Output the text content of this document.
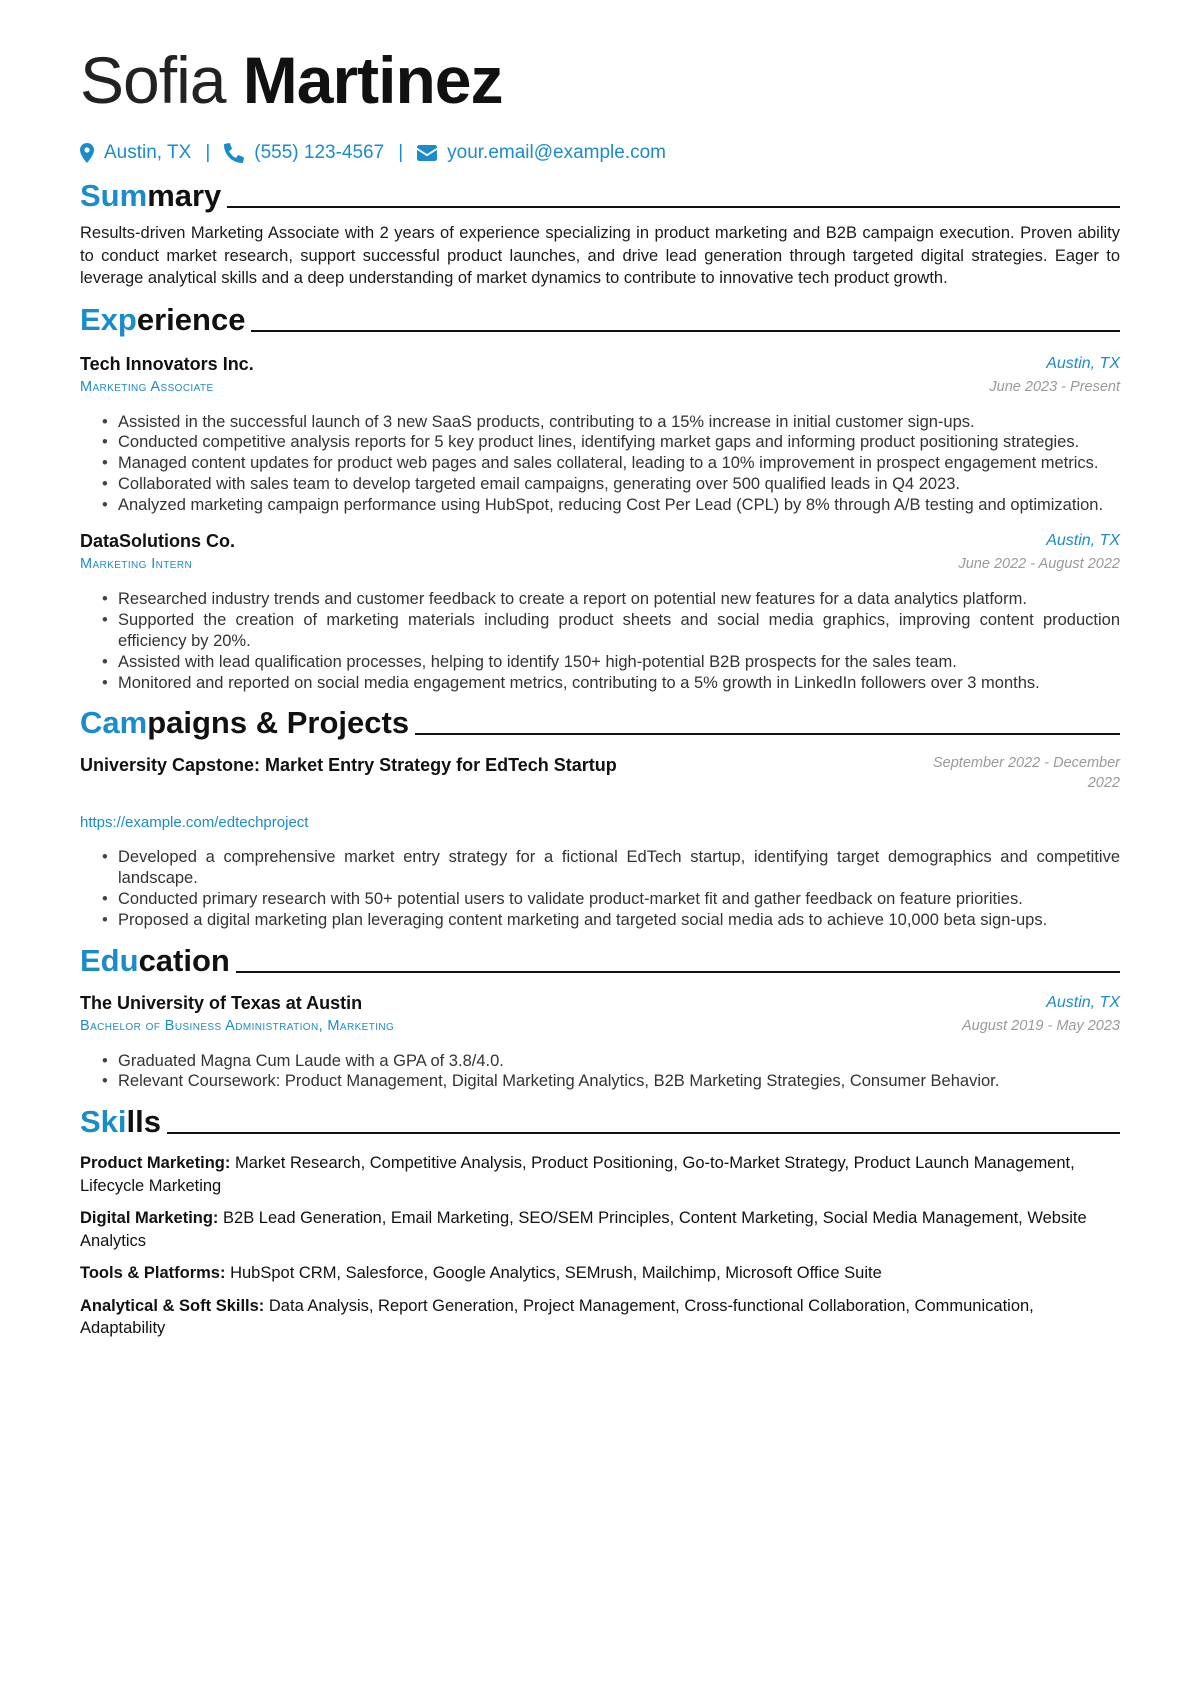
Sofia Martinez
Austin, TX | (555) 123-4567 | your.email@example.com
Sum mary
Results-driven Marketing Associate with 2 years of experience specializing in product marketing and B2B campaign execution. Proven ability to conduct market research, support successful product launches, and drive lead generation through targeted digital strategies. Eager to leverage analytical skills and a deep understanding of market dynamics to contribute to innovative tech product growth.
Exp erience
Tech Innovators Inc.	Austin, TX
Marketing Associate	June 2023 - Present
• Assisted in the successful launch of 3 new SaaS products, contributing to a 15% increase in initial customer sign-ups.
• Conducted competitive analysis reports for 5 key product lines, identifying market gaps and informing product positioning strategies.
• Managed content updates for product web pages and sales collateral, leading to a 10% improvement in prospect engagement metrics.
• Collaborated with sales team to develop targeted email campaigns, generating over 500 qualified leads in Q4 2023.
• Analyzed marketing campaign performance using HubSpot, reducing Cost Per Lead (CPL) by 8% through A/B testing and optimization.
DataSolutions Co.	Austin, TX
Marketing Intern	June 2022 - August 2022
• Researched industry trends and customer feedback to create a report on potential new features for a data analytics platform.
• Supported the creation of marketing materials including product sheets and social media graphics, improving content production efficiency by 20%.
• Assisted with lead qualification processes, helping to identify 150+ high-potential B2B prospects for the sales team.
• Monitored and reported on social media engagement metrics, contributing to a 5% growth in LinkedIn followers over 3 months.
Cam paigns & Projects
University Capstone: Market Entry Strategy for EdTech Startup	September 2022 - December
2022
https://example.com/edtechproject
• Developed a comprehensive market entry strategy for a fictional EdTech startup, identifying target demographics and competitive landscape.
• Conducted primary research with 50+ potential users to validate product-market fit and gather feedback on feature priorities.
• Proposed a digital marketing plan leveraging content marketing and targeted social media ads to achieve 10,000 beta sign-ups.
Edu cation
The University of Texas at Austin	Austin, TX
Bachelor of Business Administration, Marketing	August 2019 - May 2023
• Graduated Magna Cum Laude with a GPA of 3.8/4.0.
• Relevant Coursework: Product Management, Digital Marketing Analytics, B2B Marketing Strategies, Consumer Behavior.
Ski lls
Product Marketing: Market Research, Competitive Analysis, Product Positioning, Go-to-Market Strategy, Product Launch Management, Lifecycle Marketing
Digital Marketing: B2B Lead Generation, Email Marketing, SEO/SEM Principles, Content Marketing, Social Media Management, Website Analytics
Tools & Platforms: HubSpot CRM, Salesforce, Google Analytics, SEMrush, Mailchimp, Microsoft Office Suite
Analytical & Soft Skills: Data Analysis, Report Generation, Project Management, Cross-functional Collaboration, Communication, Adaptability
